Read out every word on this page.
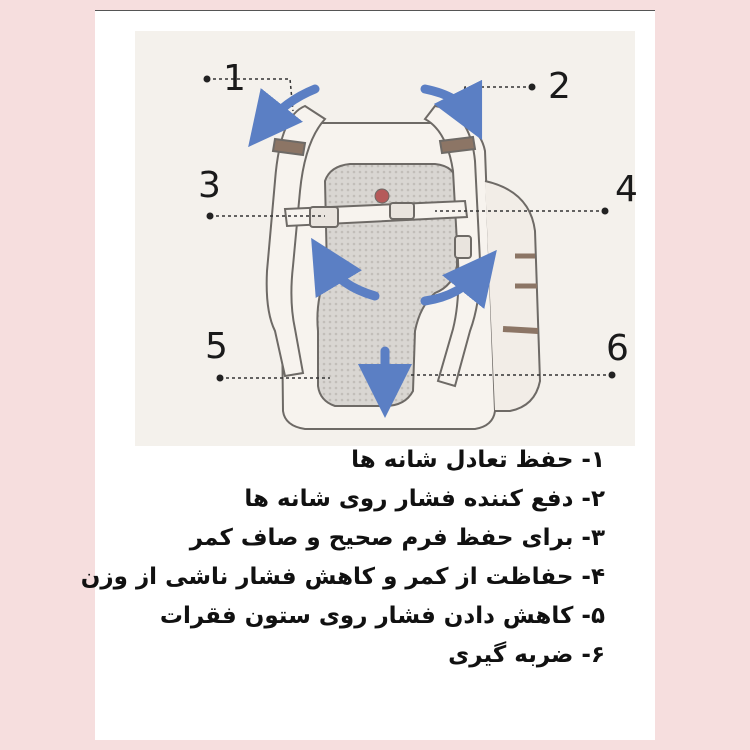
1	2
3	4
5	6
۱- حفظ تعادل شانه ها
۲- دفع کننده فشار روی شانه ها
۳- برای حفظ فرم صحیح و صاف کمر
۴- حفاظت از کمر و کاهش فشار ناشی از وزن
۵- کاهش دادن فشار روی ستون فقرات
۶- ضربه گیری
